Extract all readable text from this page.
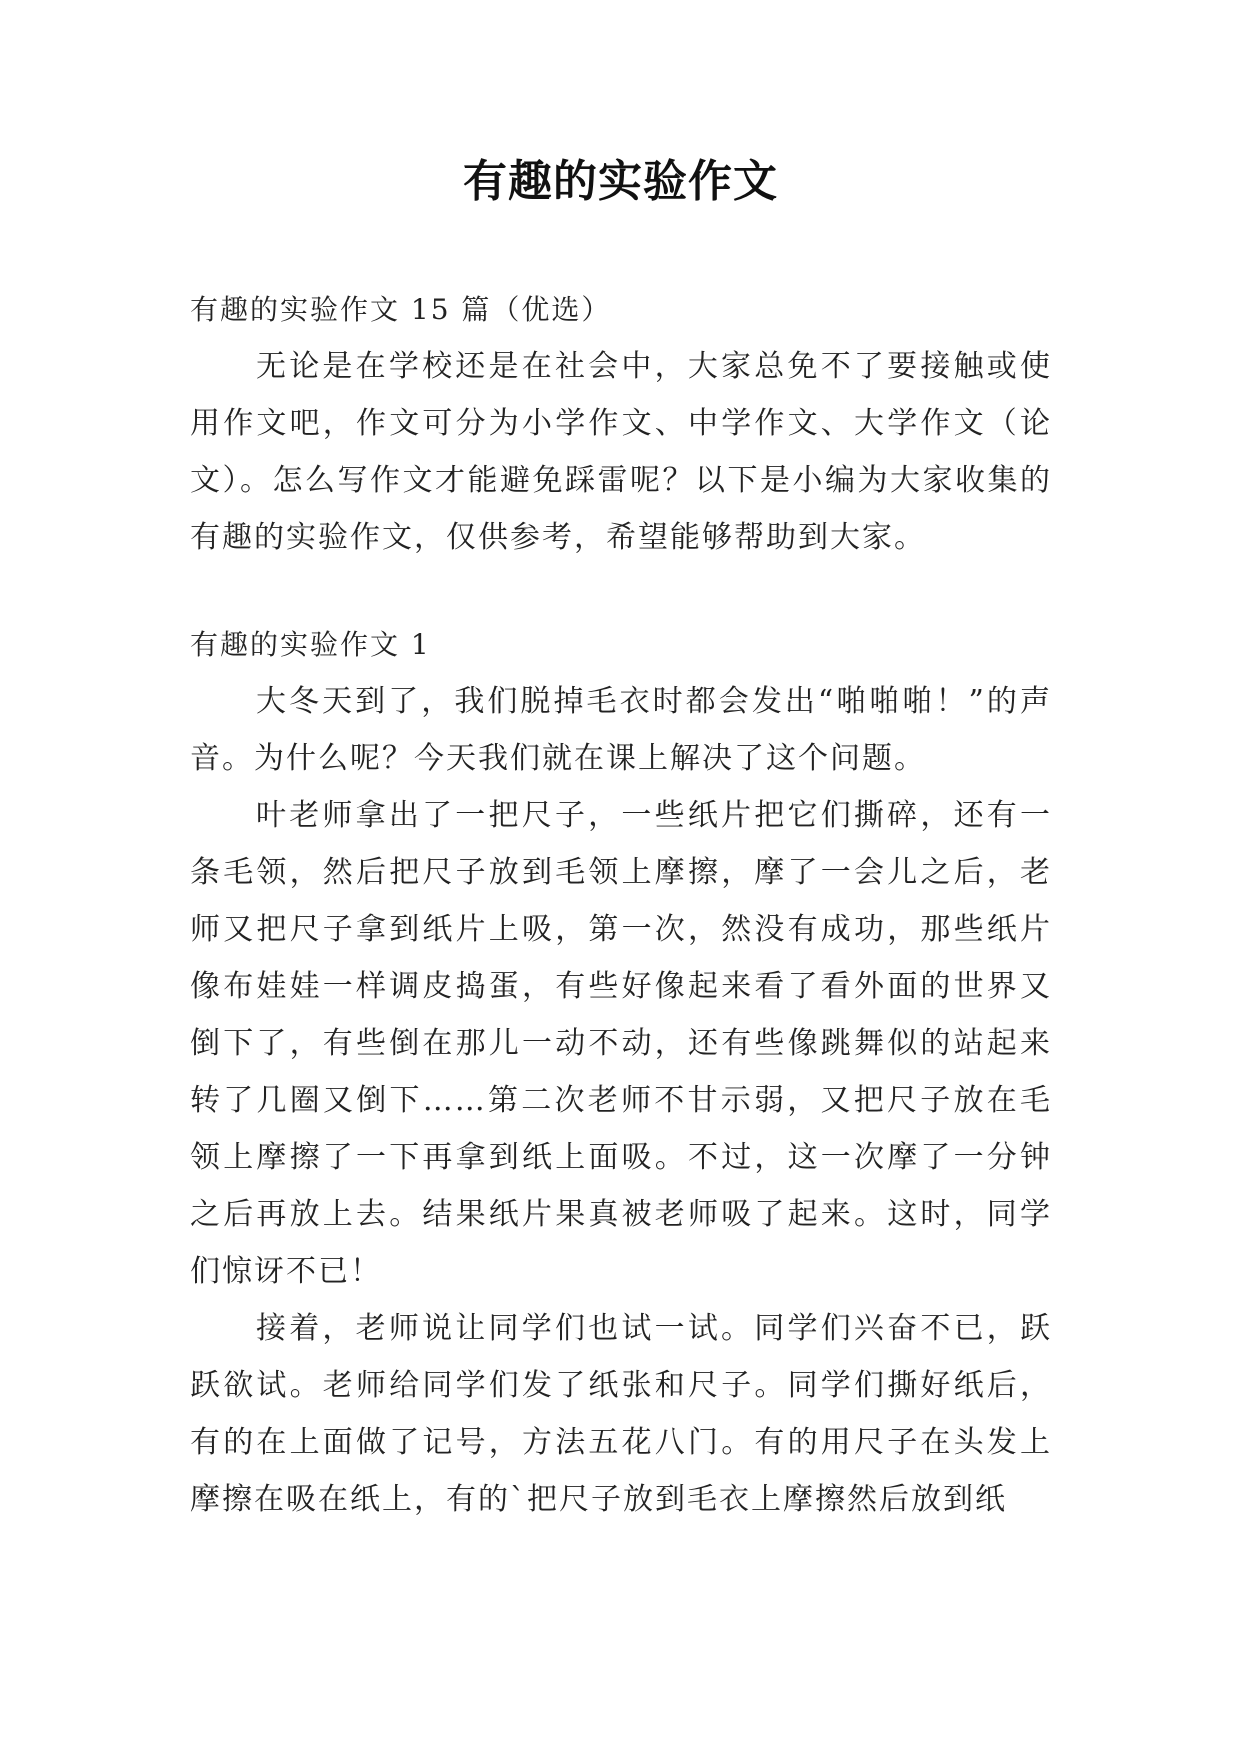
有趣的实验作文
有趣的实验作文 15 篇（优选）

无论是在学校还是在社会中，大家总免不了要接触或使用作文吧，作文可分为小学作文、中学作文、大学作文（论文）。怎么写作文才能避免踩雷呢？以下是小编为大家收集的有趣的实验作文，仅供参考，希望能够帮助到大家。

有趣的实验作文 1

大冬天到了，我们脱掉毛衣时都会发出“啪啪啪！”的声音。为什么呢？今天我们就在课上解决了这个问题。

叶老师拿出了一把尺子，一些纸片把它们撕碎，还有一条毛领，然后把尺子放到毛领上摩擦，摩了一会儿之后，老师又把尺子拿到纸片上吸，第一次，然没有成功，那些纸片像布娃娃一样调皮捣蛋，有些好像起来看了看外面的世界又倒下了，有些倒在那儿一动不动，还有些像跳舞似的站起来转了几圈又倒下……第二次老师不甘示弱，又把尺子放在毛领上摩擦了一下再拿到纸上面吸。不过，这一次摩了一分钟之后再放上去。结果纸片果真被老师吸了起来。这时，同学们惊讶不已！

接着，老师说让同学们也试一试。同学们兴奋不已，跃跃欲试。老师给同学们发了纸张和尺子。同学们撕好纸后，有的在上面做了记号，方法五花八门。有的用尺子在头发上摩擦在吸在纸上，有的`把尺子放到毛衣上摩擦然后放到纸
